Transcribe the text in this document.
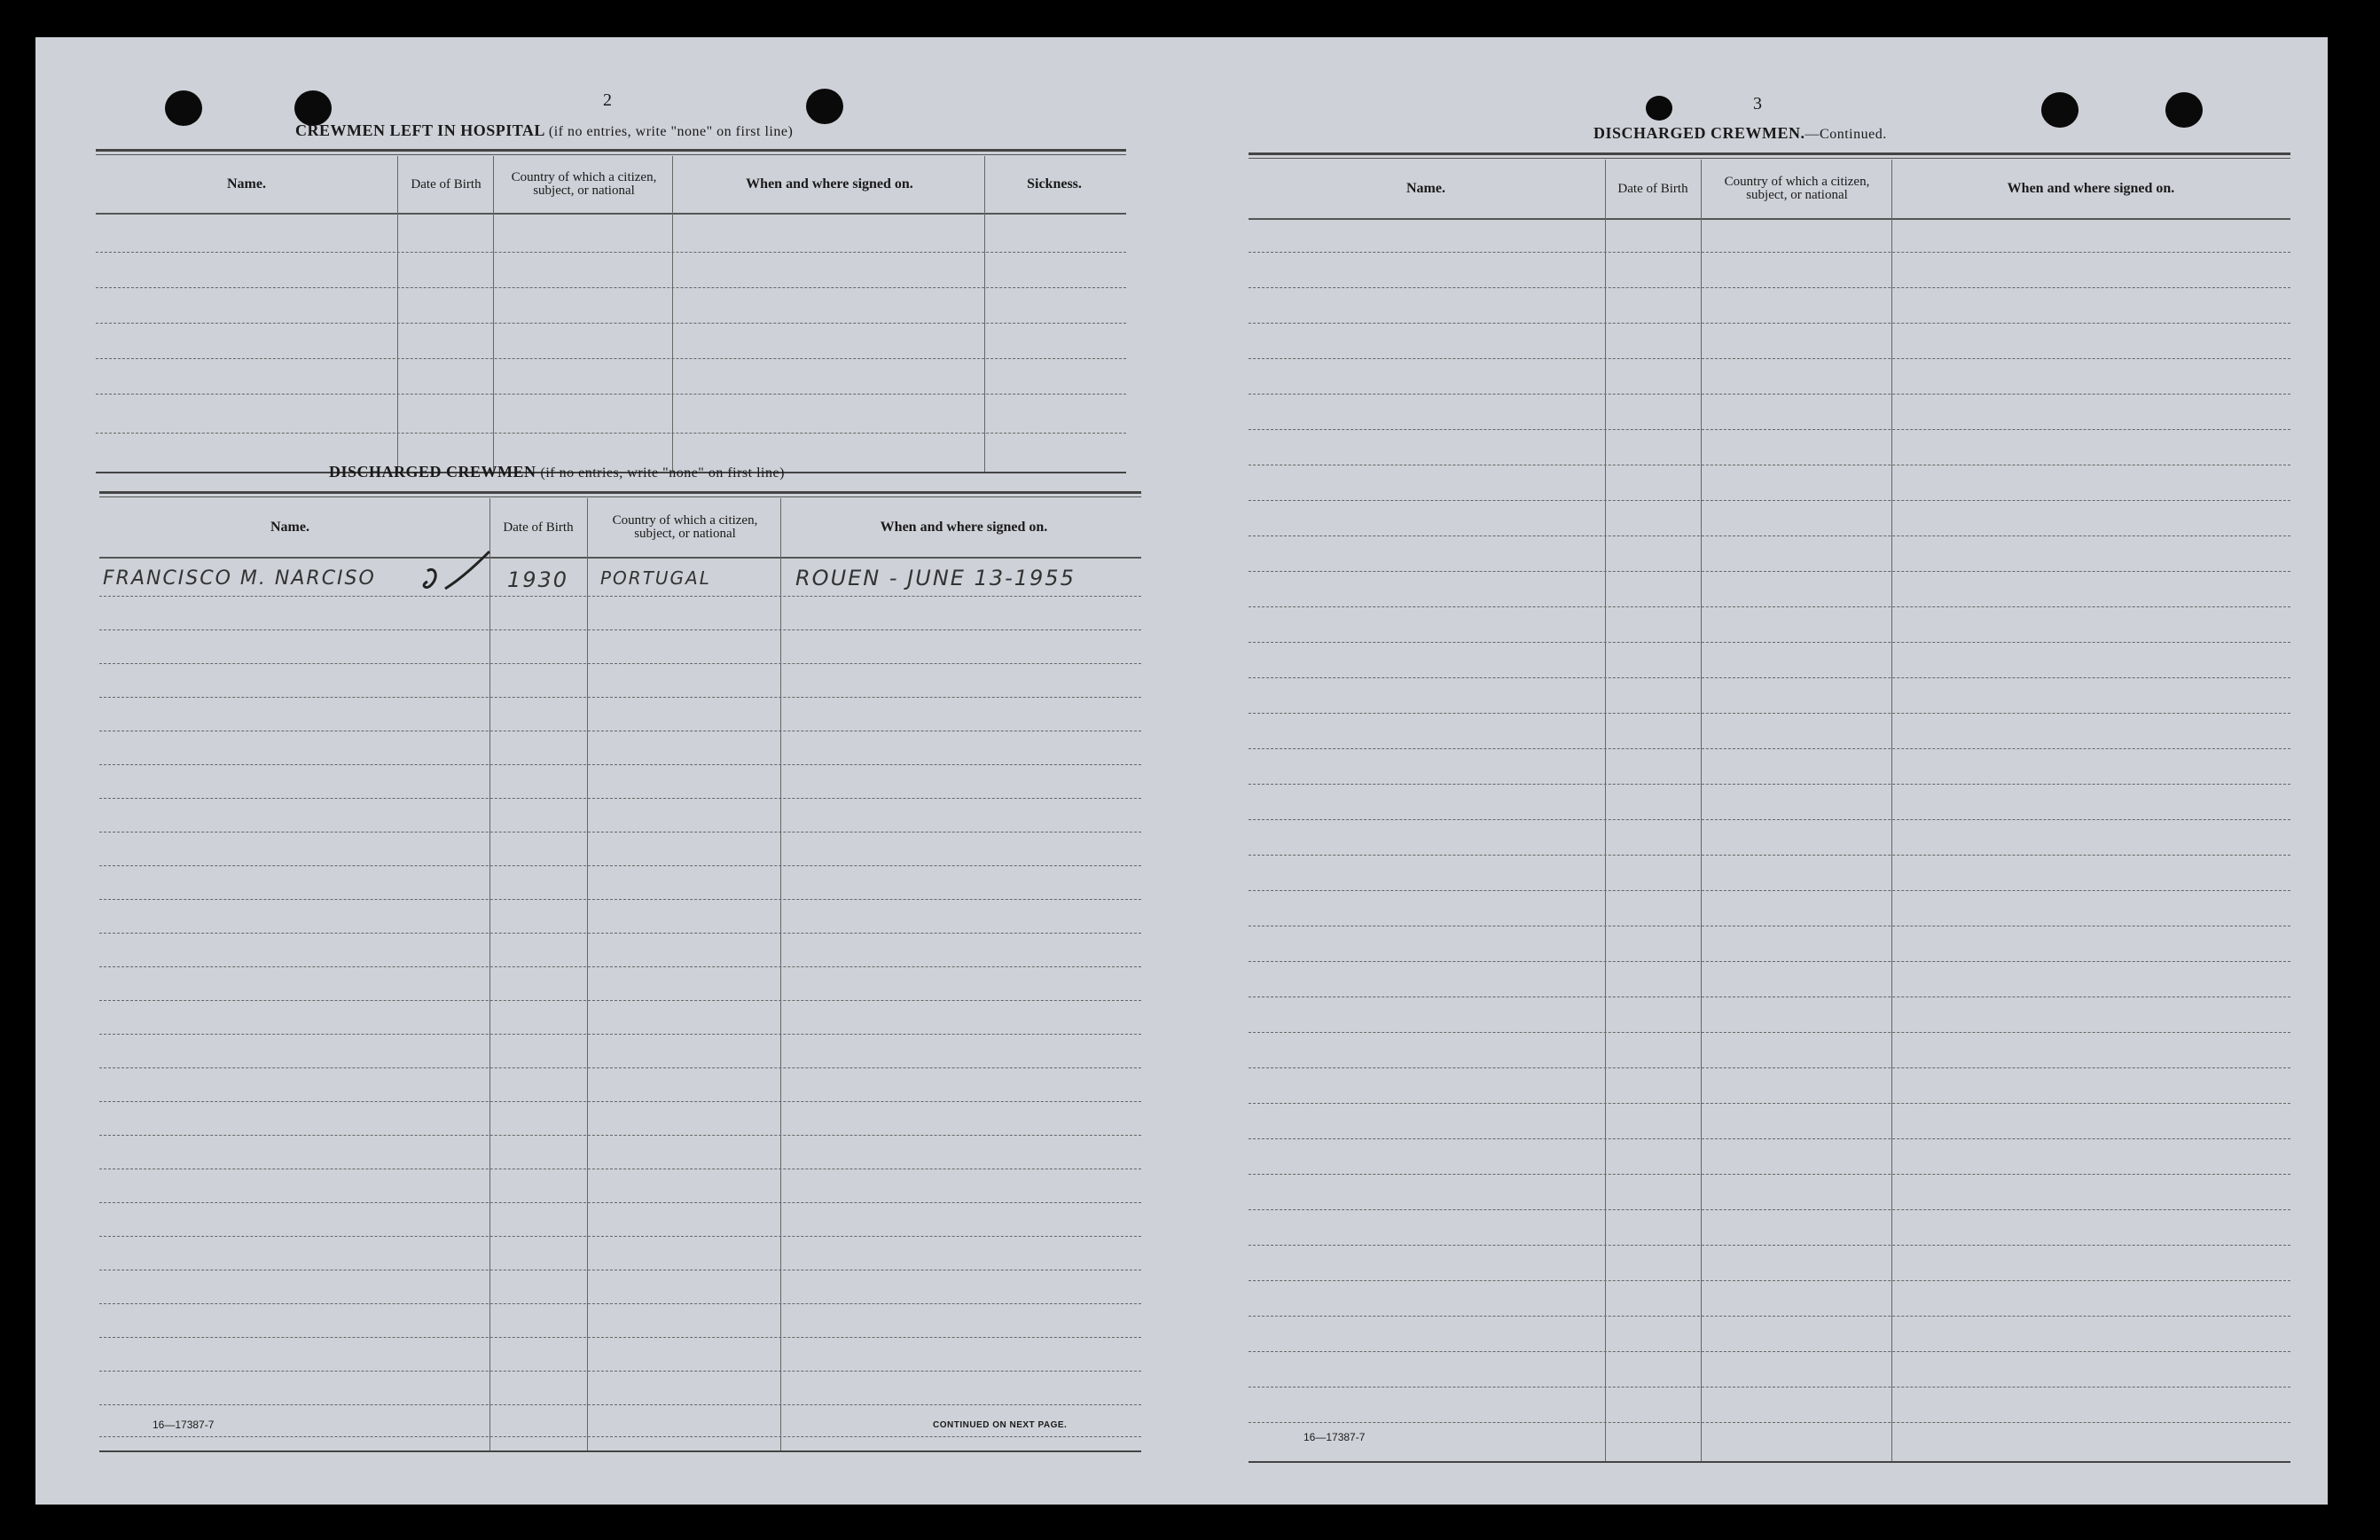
2
CREWMEN LEFT IN HOSPITAL (if no entries, write "none" on first line)
Name.	Date of Birth	Country of which a citizen, subject, or national	When and where signed on.	Sickness.
DISCHARGED CREWMEN (if no entries, write "none" on first line)
Name.	Date of Birth	Country of which a citizen, subject, or national	When and where signed on.
FRANCISCO M. NARCISO	1930 PORTUGAL	ROUEN - JUNE 13-1955
16—17387-7	CONTINUED ON NEXT PAGE.
3
DISCHARGED CREWMEN.—Continued.
Name.	Date of Birth	Country of which a citizen, subject, or national	When and where signed on.
16—17387-7
